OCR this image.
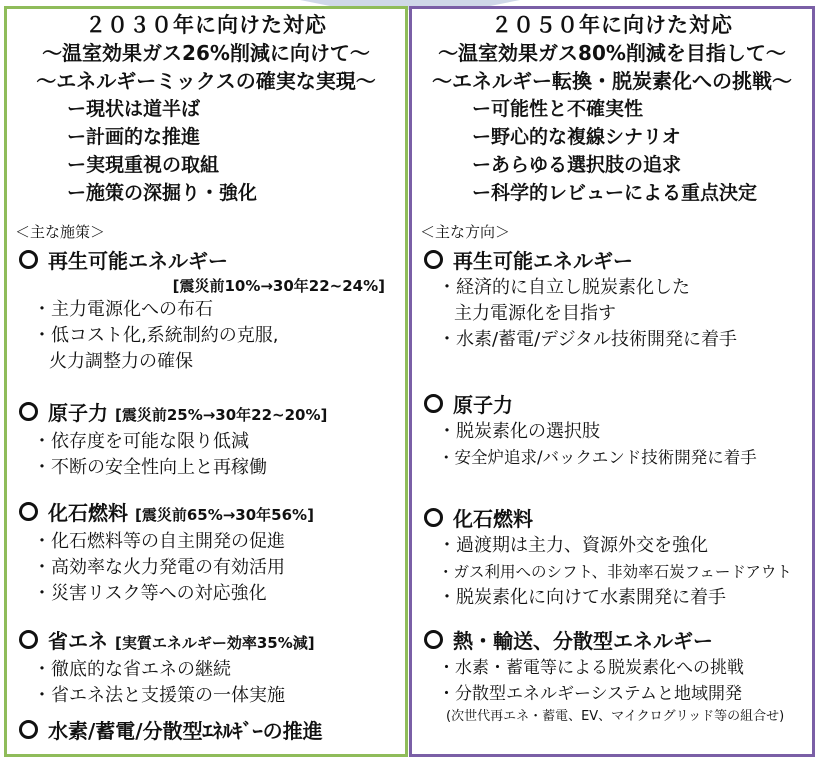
２０３０年に向けた対応
～温室効果ガス26%削減に向けて～
～エネルギーミックスの確実な実現～
ー現状は道半ば
ー計画的な推進
ー実現重視の取組
ー施策の深掘り・強化
＜主な施策＞
再生可能エネルギー
[震災前10%→30年22~24%]
・主力電源化への布石
・低コスト化,系統制約の克服,
火力調整力の確保
原子力 [震災前25%→30年22~20%]
・依存度を可能な限り低減
・不断の安全性向上と再稼働
化石燃料 [震災前65%→30年56%]
・化石燃料等の自主開発の促進
・高効率な火力発電の有効活用
・災害リスク等への対応強化
省エネ [実質エネルギー効率35%減]
・徹底的な省エネの継続
・省エネ法と支援策の一体実施
水素/蓄電/分散型ｴﾈﾙｷﾞｰの推進
２０５０年に向けた対応
～温室効果ガス80%削減を目指して～
～エネルギー転換・脱炭素化への挑戦～
ー可能性と不確実性
ー野心的な複線シナリオ
ーあらゆる選択肢の追求
ー科学的レビューによる重点決定
＜主な方向＞
再生可能エネルギー
・経済的に自立し脱炭素化した
主力電源化を目指す
・水素/蓄電/デジタル技術開発に着手
原子力
・脱炭素化の選択肢
・安全炉追求/バックエンド技術開発に着手
化石燃料
・過渡期は主力、資源外交を強化
・ガス利用へのシフト、非効率石炭フェードアウト
・脱炭素化に向けて水素開発に着手
熱・輸送、分散型エネルギー
・水素・蓄電等による脱炭素化への挑戦
・分散型エネルギーシステムと地域開発
(次世代再エネ・蓄電、EV、マイクログリッド等の組合せ)
